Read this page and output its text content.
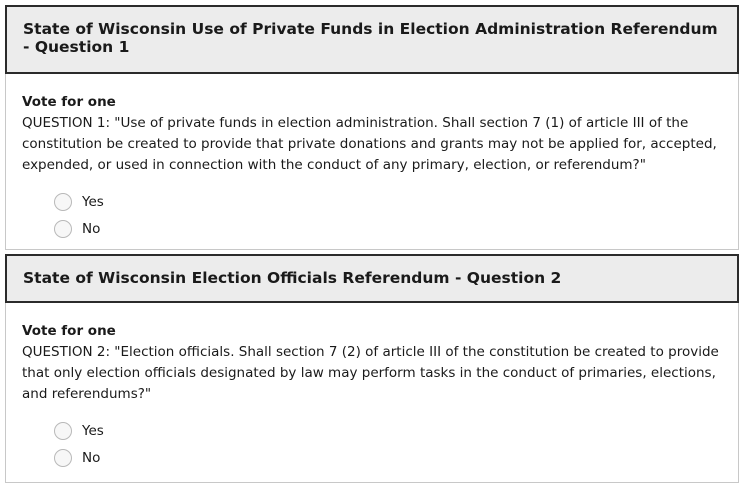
State of Wisconsin Use of Private Funds in Election Administration Referendum - Question 1
Vote for one

QUESTION 1: "Use of private funds in election administration. Shall section 7 (1) of article III of the constitution be created to provide that private donations and grants may not be applied for, accepted, expended, or used in connection with the conduct of any primary, election, or referendum?"

Yes
No
State of Wisconsin Election Officials Referendum - Question 2
Vote for one

QUESTION 2: "Election officials. Shall section 7 (2) of article III of the constitution be created to provide that only election officials designated by law may perform tasks in the conduct of primaries, elections, and referendums?"

Yes
No
